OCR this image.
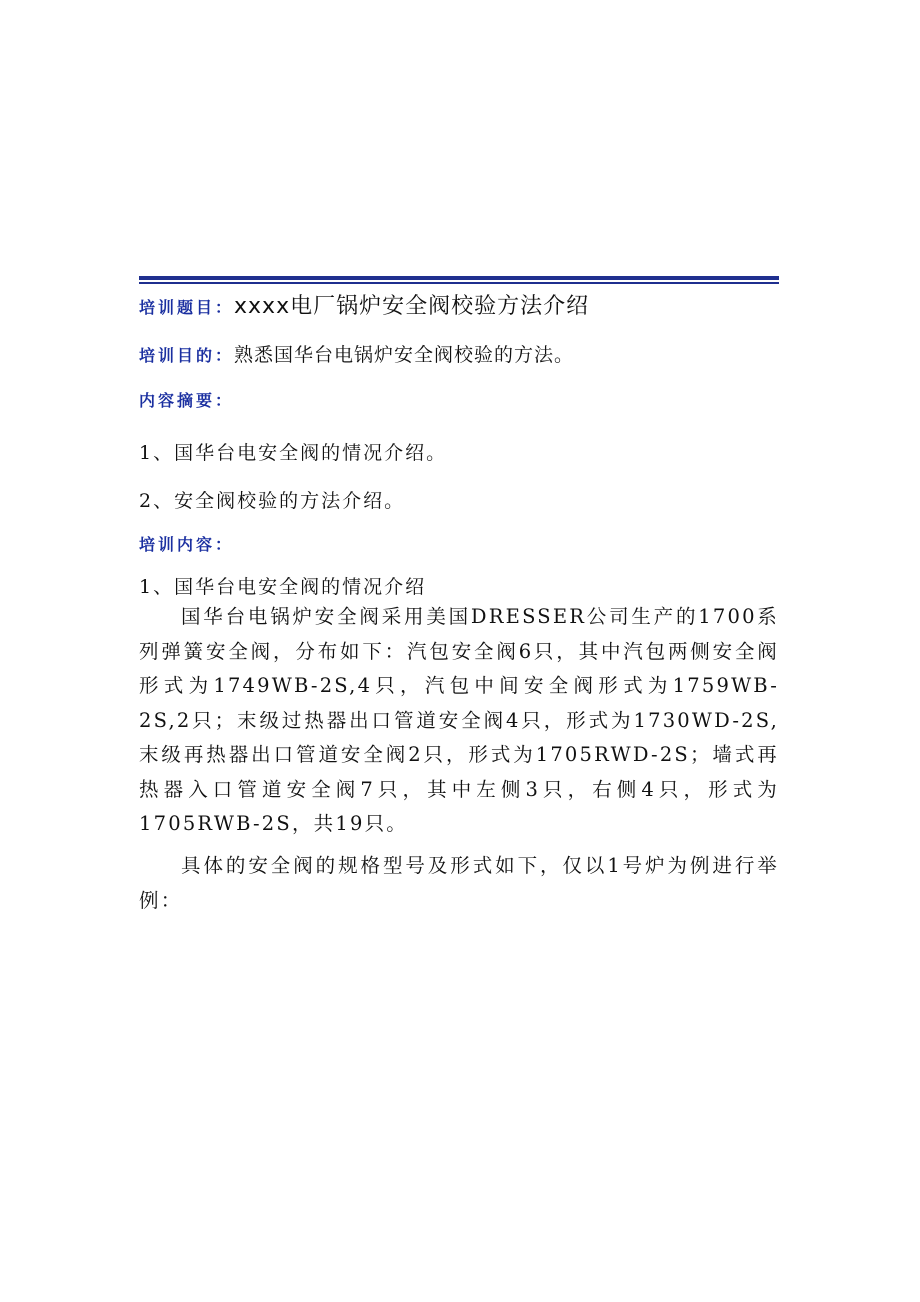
培训题目：xxxx电厂锅炉安全阀校验方法介绍
培训目的：熟悉国华台电锅炉安全阀校验的方法。
内容摘要：
1、国华台电安全阀的情况介绍。
2、安全阀校验的方法介绍。
培训内容：
1、国华台电安全阀的情况介绍

国华台电锅炉安全阀采用美国DRESSER公司生产的1700系列弹簧安全阀，分布如下：汽包安全阀6只，其中汽包两侧安全阀形式为1749WB-2S,4只，汽包中间安全阀形式为1759WB-2S,2只；末级过热器出口管道安全阀4只，形式为1730WD-2S,末级再热器出口管道安全阀2只，形式为1705RWD-2S；墙式再热器入口管道安全阀7只，其中左侧3只，右侧4只，形式为1705RWB-2S，共19只。

具体的安全阀的规格型号及形式如下，仅以1号炉为例进行举例：
